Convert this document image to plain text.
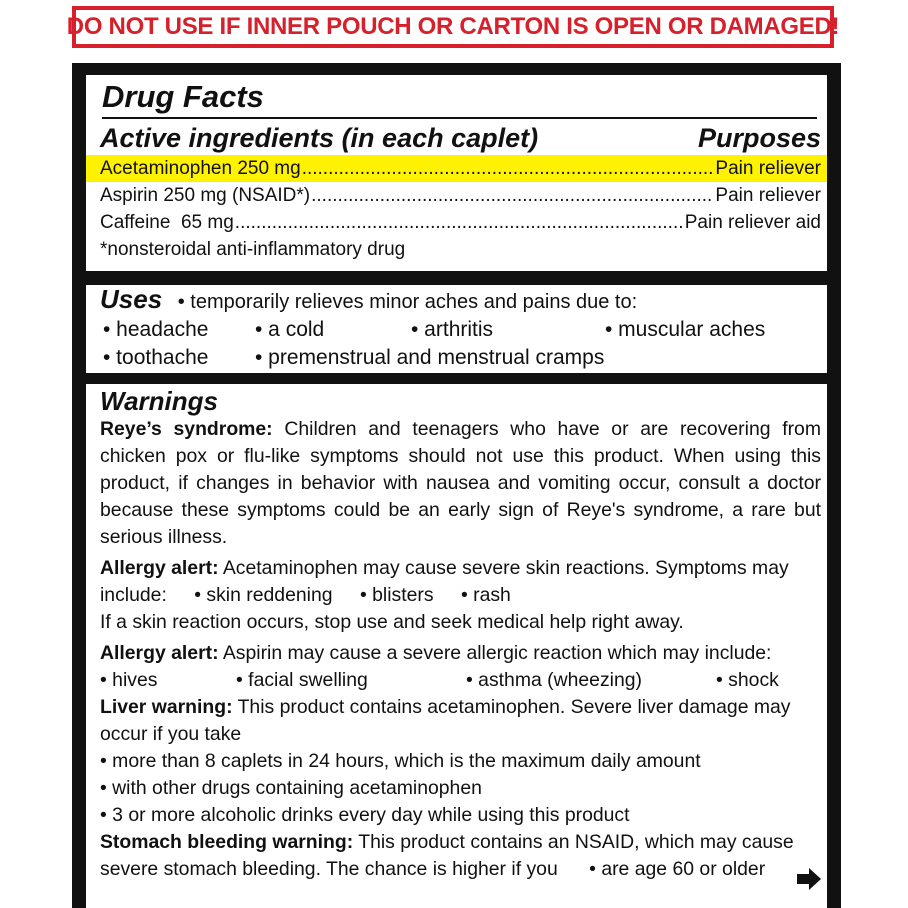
DO NOT USE IF INNER POUCH OR CARTON IS OPEN OR DAMAGED!
Drug Facts
Active ingredients (in each caplet)	Purposes
Acetaminophen 250 mg .....	Pain reliever
Aspirin 250 mg (NSAID*) .....	Pain reliever
Caffeine  65 mg .....	Pain reliever aid
*nonsteroidal anti-inflammatory drug
Uses • temporarily relieves minor aches and pains due to:
• headache	• a cold	• arthritis	• muscular aches
• toothache	• premenstrual and menstrual cramps
Warnings
Reye’s syndrome: Children and teenagers who have or are recovering from chicken pox or flu-like symptoms should not use this product. When using this product, if changes in behavior with nausea and vomiting occur, consult a doctor because these symptoms could be an early sign of Reye's syndrome, a rare but serious illness.
Allergy alert: Acetaminophen may cause severe skin reactions. Symptoms may
include: • skin reddening • blisters • rash
If a skin reaction occurs, stop use and seek medical help right away.
Allergy alert: Aspirin may cause a severe allergic reaction which may include:
• hives	• facial swelling	• asthma (wheezing)	• shock
Liver warning: This product contains acetaminophen. Severe liver damage may
occur if you take
• more than 8 caplets in 24 hours, which is the maximum daily amount
• with other drugs containing acetaminophen
• 3 or more alcoholic drinks every day while using this product
Stomach bleeding warning: This product contains an NSAID, which may cause
severe stomach bleeding. The chance is higher if you • are age 60 or older
